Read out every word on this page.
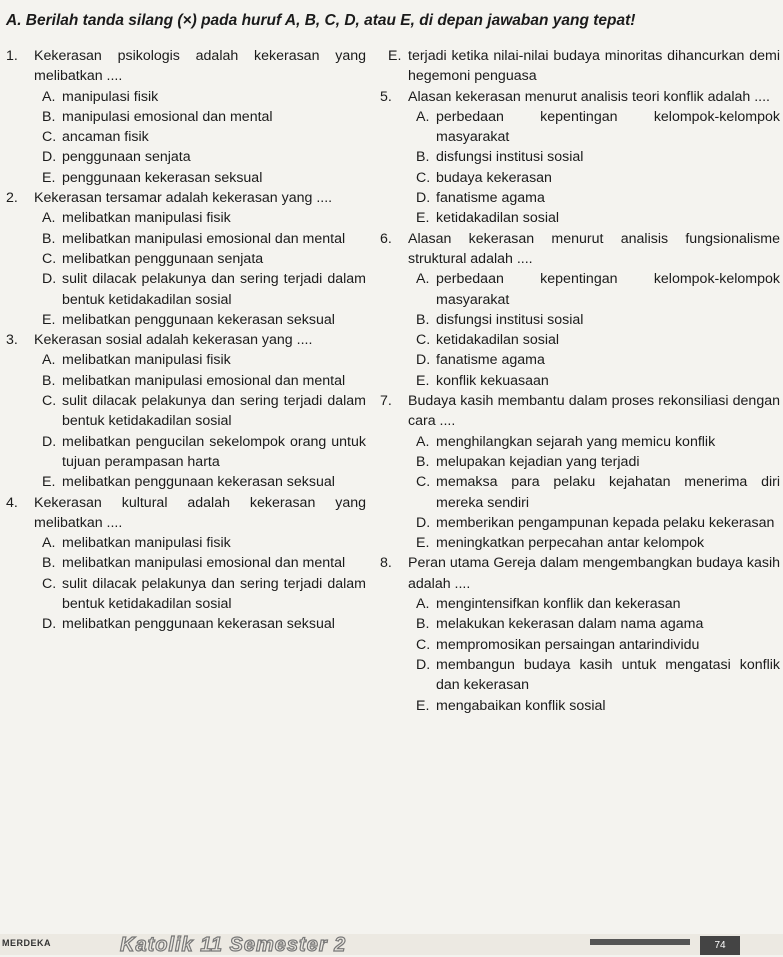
A. Berilah tanda silang (×) pada huruf A, B, C, D, atau E, di depan jawaban yang tepat!
1.	Kekerasan psikologis adalah kekerasan yang melibatkan ....
A. manipulasi fisik
B. manipulasi emosional dan mental
C. ancaman fisik
D. penggunaan senjata
E. penggunaan kekerasan seksual
2.	Kekerasan tersamar adalah kekerasan yang ....
A. melibatkan manipulasi fisik
B. melibatkan manipulasi emosional dan mental
C. melibatkan penggunaan senjata
D. sulit dilacak pelakunya dan sering terjadi dalam bentuk ketidakadilan sosial
E. melibatkan penggunaan kekerasan seksual
3.	Kekerasan sosial adalah kekerasan yang ....
A. melibatkan manipulasi fisik
B. melibatkan manipulasi emosional dan mental
C. sulit dilacak pelakunya dan sering terjadi dalam bentuk ketidakadilan sosial
D. melibatkan pengucilan sekelompok orang untuk tujuan perampasan harta
E. melibatkan penggunaan kekerasan seksual
4.	Kekerasan kultural adalah kekerasan yang melibatkan ....
A. melibatkan manipulasi fisik
B. melibatkan manipulasi emosional dan mental
C. sulit dilacak pelakunya dan sering terjadi dalam bentuk ketidakadilan sosial
D. melibatkan penggunaan kekerasan seksual
E. terjadi ketika nilai-nilai budaya minoritas dihancurkan demi hegemoni penguasa
5.	Alasan kekerasan menurut analisis teori konflik adalah ....
A. perbedaan kepentingan kelompok-kelompok masyarakat
B. disfungsi institusi sosial
C. budaya kekerasan
D. fanatisme agama
E. ketidakadilan sosial
6.	Alasan kekerasan menurut analisis fungsionalisme struktural adalah ....
A. perbedaan kepentingan kelompok-kelompok masyarakat
B. disfungsi institusi sosial
C. ketidakadilan sosial
D. fanatisme agama
E. konflik kekuasaan
7.	Budaya kasih membantu dalam proses rekonsiliasi dengan cara ....
A. menghilangkan sejarah yang memicu konflik
B. melupakan kejadian yang terjadi
C. memaksa para pelaku kejahatan menerima diri mereka sendiri
D. memberikan pengampunan kepada pelaku kekerasan
E. meningkatkan perpecahan antar kelompok
8.	Peran utama Gereja dalam mengembangkan budaya kasih adalah ....
A. mengintensifkan konflik dan kekerasan
B. melakukan kekerasan dalam nama agama
C. mempromosikan persaingan antarindividu
D. membangun budaya kasih untuk mengatasi konflik dan kekerasan
E. mengabaikan konflik sosial
MERDEKA	Katolik 11 Semester 2	74
